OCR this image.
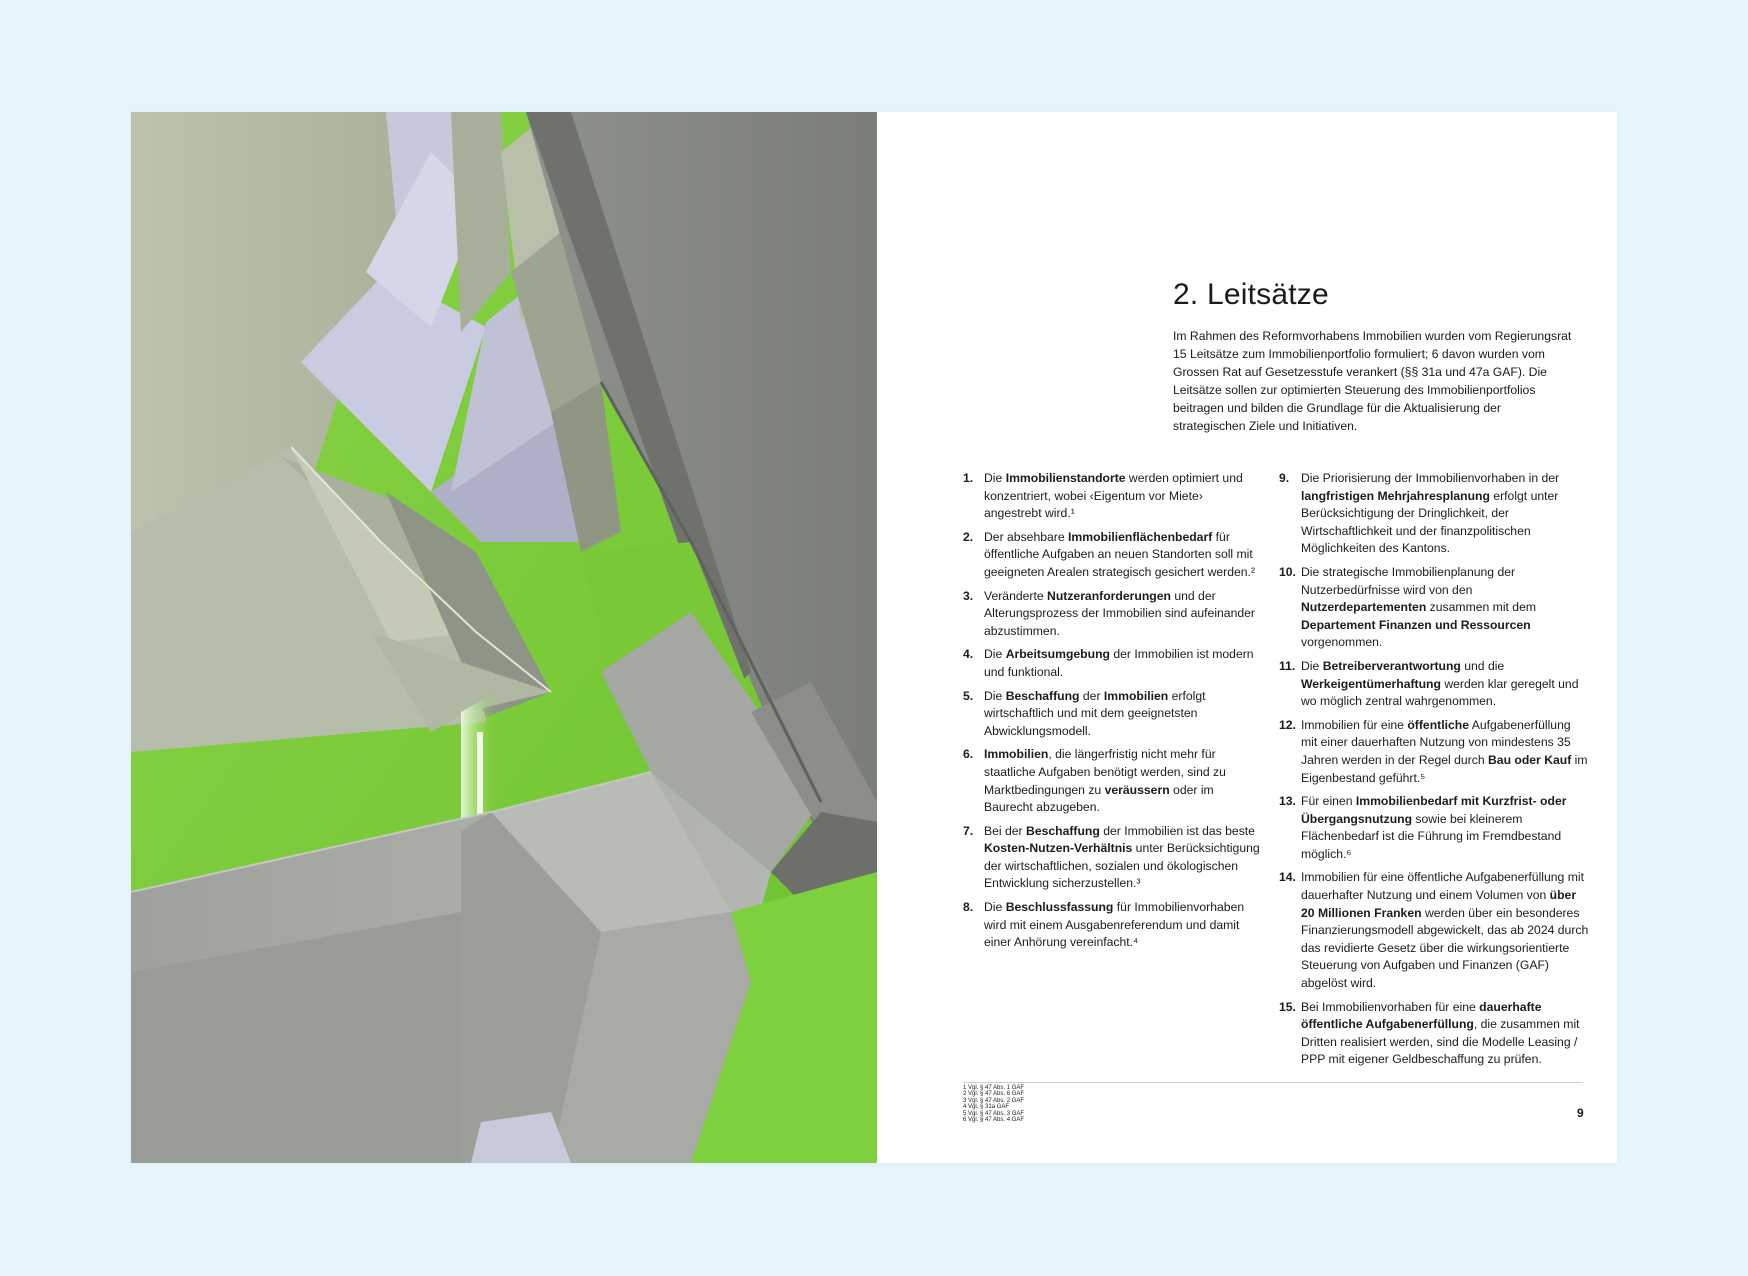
2. Leitsätze

Im Rahmen des Reformvorhabens Immobilien wurden vom Regierungsrat 15 Leitsätze zum Immobilienportfolio formuliert; 6 davon wurden vom Grossen Rat auf Gesetzesstufe verankert (§§ 31a und 47a GAF). Die Leitsätze sollen zur optimierten Steuerung des Immobilienportfolios beitragen und bilden die Grundlage für die Aktualisierung der strategischen Ziele und Initiativen.

1. Die Immobilienstandorte werden optimiert und konzentriert, wobei ‹Eigentum vor Miete› angestrebt wird.¹
2. Der absehbare Immobilienflächenbedarf für öffentliche Aufgaben an neuen Standorten soll mit geeigneten Arealen strategisch gesichert werden.²
3. Veränderte Nutzeranforderungen und der Alterungsprozess der Immobilien sind aufeinander abzustimmen.
4. Die Arbeitsumgebung der Immobilien ist modern und funktional.
5. Die Beschaffung der Immobilien erfolgt wirtschaftlich und mit dem geeignetsten Abwicklungsmodell.
6. Immobilien, die längerfristig nicht mehr für staatliche Aufgaben benötigt werden, sind zu Marktbedingungen zu veräussern oder im Baurecht abzugeben.
7. Bei der Beschaffung der Immobilien ist das beste Kosten-Nutzen-Verhältnis unter Berücksichtigung der wirtschaftlichen, sozialen und ökologischen Entwicklung sicherzustellen.³
8. Die Beschlussfassung für Immobilienvorhaben wird mit einem Ausgabenreferendum und damit einer Anhörung vereinfacht.⁴
9. Die Priorisierung der Immobilienvorhaben in der langfristigen Mehrjahresplanung erfolgt unter Berücksichtigung der Dringlichkeit, der Wirtschaftlichkeit und der finanzpolitischen Möglichkeiten des Kantons.
10. Die strategische Immobilienplanung der Nutzerbedürfnisse wird von den Nutzerdepartementen zusammen mit dem Departement Finanzen und Ressourcen vorgenommen.
11. Die Betreiberverantwortung und die Werkeigentümerhaftung werden klar geregelt und wo möglich zentral wahrgenommen.
12. Immobilien für eine öffentliche Aufgabenerfüllung mit einer dauerhaften Nutzung von mindestens 35 Jahren werden in der Regel durch Bau oder Kauf im Eigenbestand geführt.⁵
13. Für einen Immobilienbedarf mit Kurzfrist- oder Übergangsnutzung sowie bei kleinerem Flächenbedarf ist die Führung im Fremdbestand möglich.⁶
14. Immobilien für eine öffentliche Aufgabenerfüllung mit dauerhafter Nutzung und einem Volumen von über 20 Millionen Franken werden über ein besonderes Finanzierungsmodell abgewickelt, das ab 2024 durch das revidierte Gesetz über die wirkungsorientierte Steuerung von Aufgaben und Finanzen (GAF) abgelöst wird.
15. Bei Immobilienvorhaben für eine dauerhafte öffentliche Aufgabenerfüllung, die zusammen mit Dritten realisiert werden, sind die Modelle Leasing / PPP mit eigener Geldbeschaffung zu prüfen.
1 Vgl. § 47 Abs. 1 GAF
2 Vgl. § 47 Abs. 6 GAF
3 Vgl. § 47 Abs. 2 GAF
4 Vgl. § 31a GAF
5 Vgl. § 47 Abs. 3 GAF
6 Vgl. § 47 Abs. 4 GAF
9
